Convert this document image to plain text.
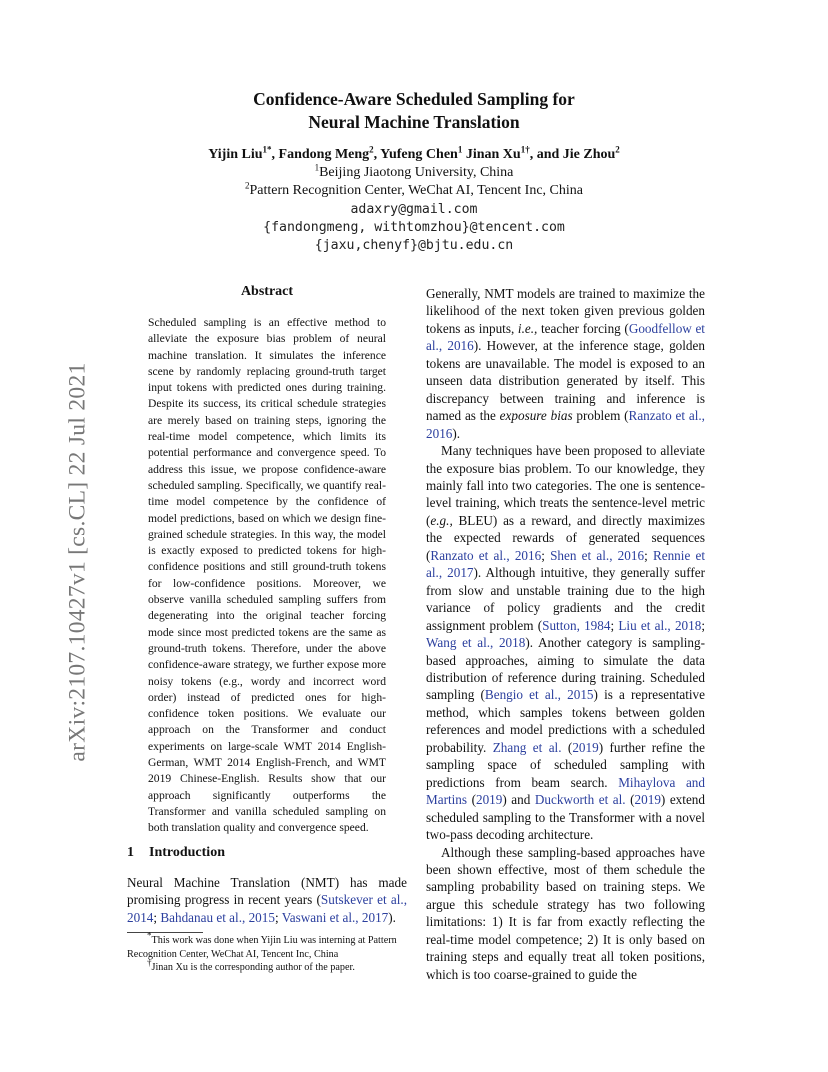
arXiv:2107.10427v1 [cs.CL] 22 Jul 2021
Confidence-Aware Scheduled Sampling for
Neural Machine Translation
Yijin Liu$^{1*}$, Fandong Meng$^2$, Yufeng Chen$^1$ Jinan $Xu^{1\dagger}$, and Jie Zhou$^2$
$^1$Beijing Jiaotong University, China
$^2$Pattern Recognition Center, WeChat AI, Tencent Inc, China
adaxry@gmail.com
{fandongmeng, withtomzhou}@tencent.com
{jaxu,chenyf}@bjtu.edu.cn
Abstract
Scheduled sampling is an effective method to alleviate the exposure bias problem of neural machine translation. It simulates the inference scene by randomly replacing ground-truth target input tokens with predicted ones during training. Despite its success, its critical schedule strategies are merely based on training steps, ignoring the real-time model competence, which limits its potential performance and convergence speed. To address this issue, we propose confidence-aware scheduled sampling. Specifically, we quantify real-time model competence by the confidence of model predictions, based on which we design fine-grained schedule strategies. In this way, the model is exactly exposed to predicted tokens for high-confidence positions and still ground-truth tokens for low-confidence positions. Moreover, we observe vanilla scheduled sampling suffers from degenerating into the original teacher forcing mode since most predicted tokens are the same as ground-truth tokens. Therefore, under the above confidence-aware strategy, we further expose more noisy tokens (e.g., wordy and incorrect word order) instead of predicted ones for high-confidence token positions. We evaluate our approach on the Transformer and conduct experiments on large-scale WMT 2014 English-German, WMT 2014 English-French, and WMT 2019 Chinese-English. Results show that our approach significantly outperforms the Transformer and vanilla scheduled sampling on both translation quality and convergence speed.
1 Introduction
Neural Machine Translation (NMT) has made promising progress in recent years (Sutskever et al., 2014; Bahdanau et al., 2015; Vaswani et al., 2017).

*This work was done when Yijin Liu was interning at Pattern Recognition Center, WeChat AI, Tencent Inc, China

†Jinan Xu is the corresponding author of the paper.

Generally, NMT models are trained to maximize the likelihood of the next token given previous golden tokens as inputs, i.e., teacher forcing (Goodfellow et al., 2016). However, at the inference stage, golden tokens are unavailable. The model is exposed to an unseen data distribution generated by itself. This discrepancy between training and inference is named as the exposure bias problem (Ranzato et al., 2016).

Many techniques have been proposed to alleviate the exposure bias problem. To our knowledge, they mainly fall into two categories. The one is sentence-level training, which treats the sentence-level metric (e.g., BLEU) as a reward, and directly maximizes the expected rewards of generated sequences (Ranzato et al., 2016; Shen et al., 2016; Rennie et al., 2017). Although intuitive, they generally suffer from slow and unstable training due to the high variance of policy gradients and the credit assignment problem (Sutton, 1984; Liu et al., 2018; Wang et al., 2018). Another category is sampling-based approaches, aiming to simulate the data distribution of reference during training. Scheduled sampling (Bengio et al., 2015) is a representative method, which samples tokens between golden references and model predictions with a scheduled probability. Zhang et al. (2019) further refine the sampling space of scheduled sampling with predictions from beam search. Mihaylova and Martins (2019) and Duckworth et al. (2019) extend scheduled sampling to the Transformer with a novel two-pass decoding architecture.

Although these sampling-based approaches have been shown effective, most of them schedule the sampling probability based on training steps. We argue this schedule strategy has two following limitations: 1) It is far from exactly reflecting the real-time model competence; 2) It is only based on training steps and equally treat all token positions, which is too coarse-grained to guide the
